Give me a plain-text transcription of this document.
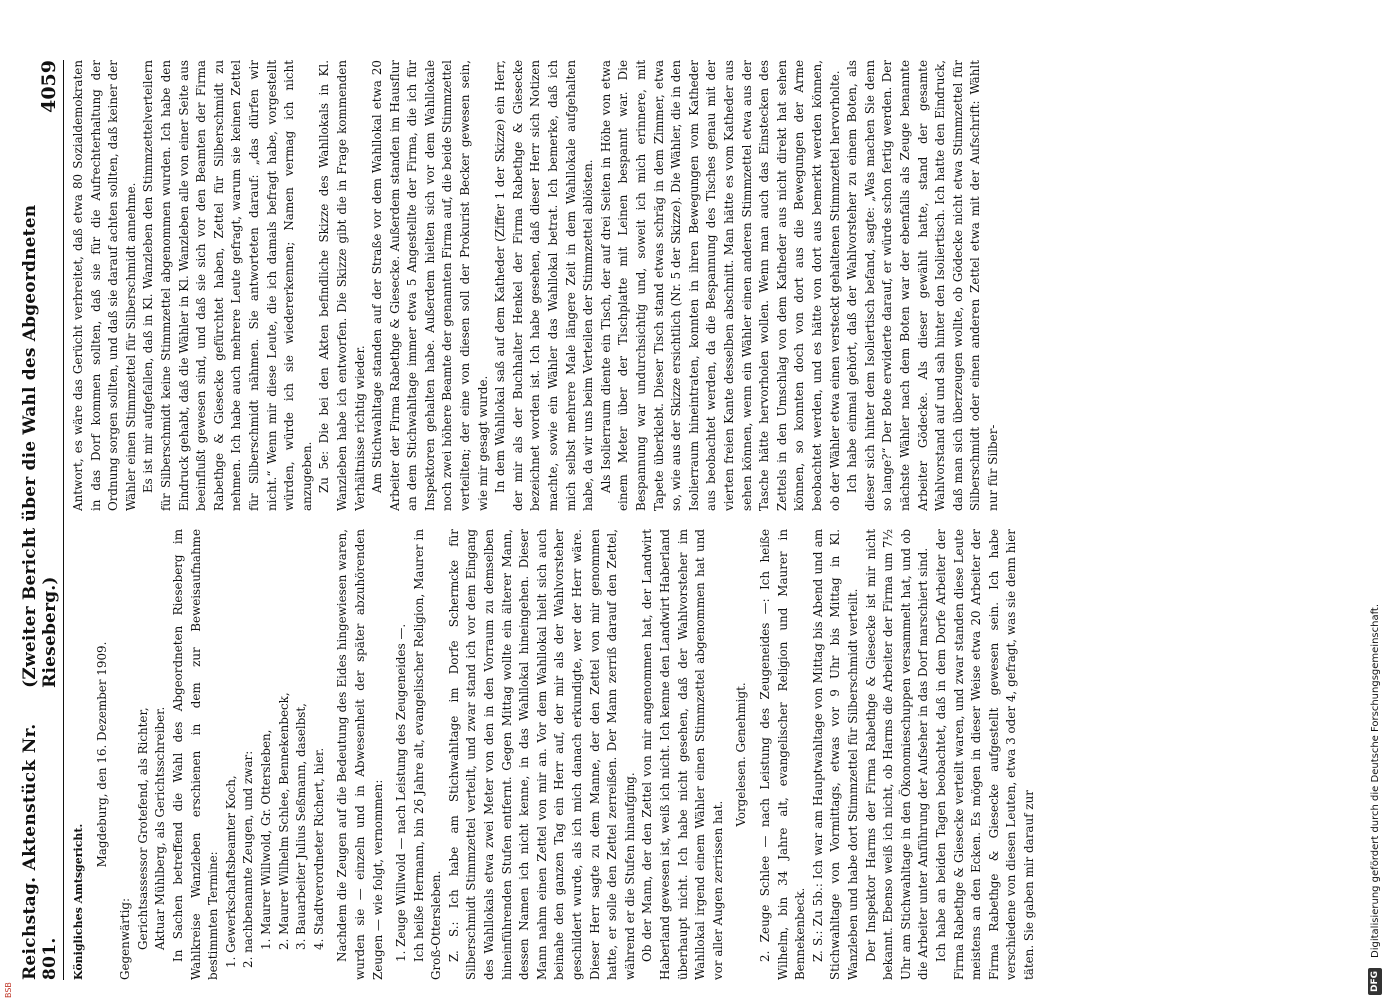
Reichstag. Aktenstück Nr. 801.
(Zweiter Bericht über die Wahl des Abgeordneten Rieseberg.)
4059

Königliches Amtsgericht.

Magdeburg, den 16. Dezember 1909.

Gegenwärtig: Gerichtsassessor Grotefend, als Richter, Aktuar Mühlberg, als Gerichtsschreiber. In Sachen betreffend die Wahl des Abgeordneten Rieseberg im Wahlkreise Wanzleben erschienen in dem zur Beweisaufnahme bestimmten Termine: 1. Gewerkschaftsbeamter Koch, 2. nachbenannte Zeugen, und zwar: 1. Maurer Willwold, Gr. Ottersleben, 2. Maurer Wilhelm Schlee, Bennekenbeck, 3. Bauarbeiter Julius Seßmann, daselbst, 4. Stadtverordneter Richert, hier. Nachdem die Zeugen auf die Bedeutung des Eides hingewiesen waren, wurden sie — einzeln und in Abwesenheit der später abzuhörenden Zeugen — wie folgt, vernommen: 1. Zeuge Willwold — nach Leistung des Zeugeneides —. Ich heiße Hermann, bin 26 Jahre alt, evangelischer Religion, Maurer in Groß-Ottersleben. Z. S.: Ich habe am Stichwahltage im Dorfe Schermcke für Silberschmidt Stimmzettel verteilt, und zwar stand ich vor dem Eingang des Wahllokals etwa zwei Meter von den in den Vorraum zu demselben hineinführenden Stufen entfernt. Gegen Mittag wollte ein älterer Mann, dessen Namen ich nicht kenne, in das Wahllokal hineingehen. Dieser Mann nahm einen Zettel von mir an. Vor dem Wahllokal hielt sich auch beinahe den ganzen Tag ein Herr auf, der mir als der Wahlvorsteher geschildert wurde, als ich mich danach erkundigte, wer der Herr wäre. Dieser Herr sagte zu dem Manne, der den Zettel von mir genommen hatte, er solle den Zettel zerreißen. Der Mann zerriß darauf den Zettel, während er die Stufen hinaufging. Ob der Mann, der den Zettel von mir angenommen hat, der Landwirt Haberland gewesen ist, weiß ich nicht. Ich kenne den Landwirt Haberland überhaupt nicht. Ich habe nicht gesehen, daß der Wahlvorsteher im Wahllokal irgend einem Wähler einen Stimmzettel abgenommen hat und vor aller Augen zerrissen hat.

Vorgelesen. Genehmigt. 2. Zeuge Schlee — nach Leistung des Zeugeneides —: Ich heiße Wilhelm, bin 34 Jahre alt, evangelischer Religion und Maurer in Bennekenbeck. Z. S.: Zu 5b.: Ich war am Hauptwahltage von Mittag bis Abend und am Stichwahltage von Vormittags, etwas vor 9 Uhr bis Mittag in Kl. Wanzleben und habe dort Stimmzettel für Silberschmidt verteilt. Der Inspektor Harms der Firma Rabethge & Giesecke ist mir nicht bekannt. Ebenso weiß ich nicht, ob Harms die Arbeiter der Firma um 7½ Uhr am Stichwahltage in den Ökonomieschuppen versammelt hat, und ob die Arbeiter unter Anführung der Aufseher in das Dorf marschiert sind. Ich habe an beiden Tagen beobachtet, daß in dem Dorfe Arbeiter der Firma Rabethge & Giesecke verteilt waren, und zwar standen diese Leute meistens an den Ecken. Es mögen in dieser Weise etwa 20 Arbeiter der Firma Rabethge & Giesecke aufgestellt gewesen sein. Ich habe verschiedene von diesen Leuten, etwa 3 oder 4, gefragt, was sie denn hier täten. Sie gaben mir darauf zur

Antwort, es wäre das Gerücht verbreitet, daß etwa 80 Sozialdemokraten in das Dorf kommen sollten, daß sie für die Aufrechterhaltung der Ordnung sorgen sollten, und daß sie darauf achten sollten, daß keiner der Wähler einen Stimmzettel für Silberschmidt annehme. Es ist mir aufgefallen, daß in Kl. Wanzleben den Stimmzettelverteilern für Silberschmidt keine Stimmzettel abgenommen wurden. Ich habe den Eindruck gehabt, daß die Wähler in Kl. Wanzleben alle von einer Seite aus beeinflußt gewesen sind, und daß sie sich vor den Beamten der Firma Rabethge & Giesecke gefürchtet haben, Zettel für Silberschmidt zu nehmen. Ich habe auch mehrere Leute gefragt, warum sie keinen Zettel für Silberschmidt nähmen. Sie antworteten darauf: „das dürfen wir nicht.“ Wenn mir diese Leute, die ich damals befragt habe, vorgestellt würden, würde ich sie wiedererkennen; Namen vermag ich nicht anzugeben. Zu 5e: Die bei den Akten befindliche Skizze des Wahllokals in Kl. Wanzleben habe ich entworfen. Die Skizze gibt die in Frage kommenden Verhältnisse richtig wieder. Am Stichwahltage standen auf der Straße vor dem Wahllokal etwa 20 Arbeiter der Firma Rabethge & Giesecke. Außerdem standen im Hausflur an dem Stichwahltage immer etwa 5 Angestellte der Firma, die ich für Inspektoren gehalten habe. Außerdem hielten sich vor dem Wahllokale noch zwei höhere Beamte der genannten Firma auf, die beide Stimmzettel verteilten; der eine von diesen soll der Prokurist Becker gewesen sein, wie mir gesagt wurde. In dem Wahllokal saß auf dem Katheder (Ziffer 1 der Skizze) ein Herr, der mir als der Buchhalter Henkel der Firma Rabethge & Giesecke bezeichnet worden ist. Ich habe gesehen, daß dieser Herr sich Notizen machte, sowie ein Wähler das Wahllokal betrat. Ich bemerke, daß ich mich selbst mehrere Male längere Zeit in dem Wahllokale aufgehalten habe, da wir uns beim Verteilen der Stimmzettel ablösten. Als Isolierraum diente ein Tisch, der auf drei Seiten in Höhe von etwa einem Meter über der Tischplatte mit Leinen bespannt war. Die Bespannung war undurchsichtig und, soweit ich mich erinnere, mit Tapete überklebt. Dieser Tisch stand etwas schräg in dem Zimmer, etwa so, wie aus der Skizze ersichtlich (Nr. 5 der Skizze). Die Wähler, die in den Isolierraum hineintraten, konnten in ihren Bewegungen vom Katheder aus beobachtet werden, da die Bespannung des Tisches genau mit der vierten freien Kante desselben abschnitt. Man hätte es vom Katheder aus sehen können, wenn ein Wähler einen anderen Stimmzettel etwa aus der Tasche hätte hervorholen wollen. Wenn man auch das Einstecken des Zettels in den Umschlag von dem Katheder aus nicht direkt hat sehen können, so konnten doch von dort aus die Bewegungen der Arme beobachtet werden, und es hätte von dort aus bemerkt werden können, ob der Wähler etwa einen versteckt gehaltenen Stimmzettel hervorholte. Ich habe einmal gehört, daß der Wahlvorsteher zu einem Boten, als dieser sich hinter dem Isoliertisch befand, sagte: „Was machen Sie denn so lange?“ Der Bote erwiderte darauf, er würde schon fertig werden. Der nächste Wähler nach dem Boten war der ebenfalls als Zeuge benannte Arbeiter Gödecke. Als dieser gewählt hatte, stand der gesamte Wahlvorstand auf und sah hinter den Isoliertisch. Ich hatte den Eindruck, daß man sich überzeugen wollte, ob Gödecke nicht etwa Stimmzettel für Silberschmidt oder einen anderen Zettel etwa mit der Aufschrift: Wählt nur für Silber-

DFG
Digitalisierung gefördert durch die Deutsche Forschungsgemeinschaft.
BSB
